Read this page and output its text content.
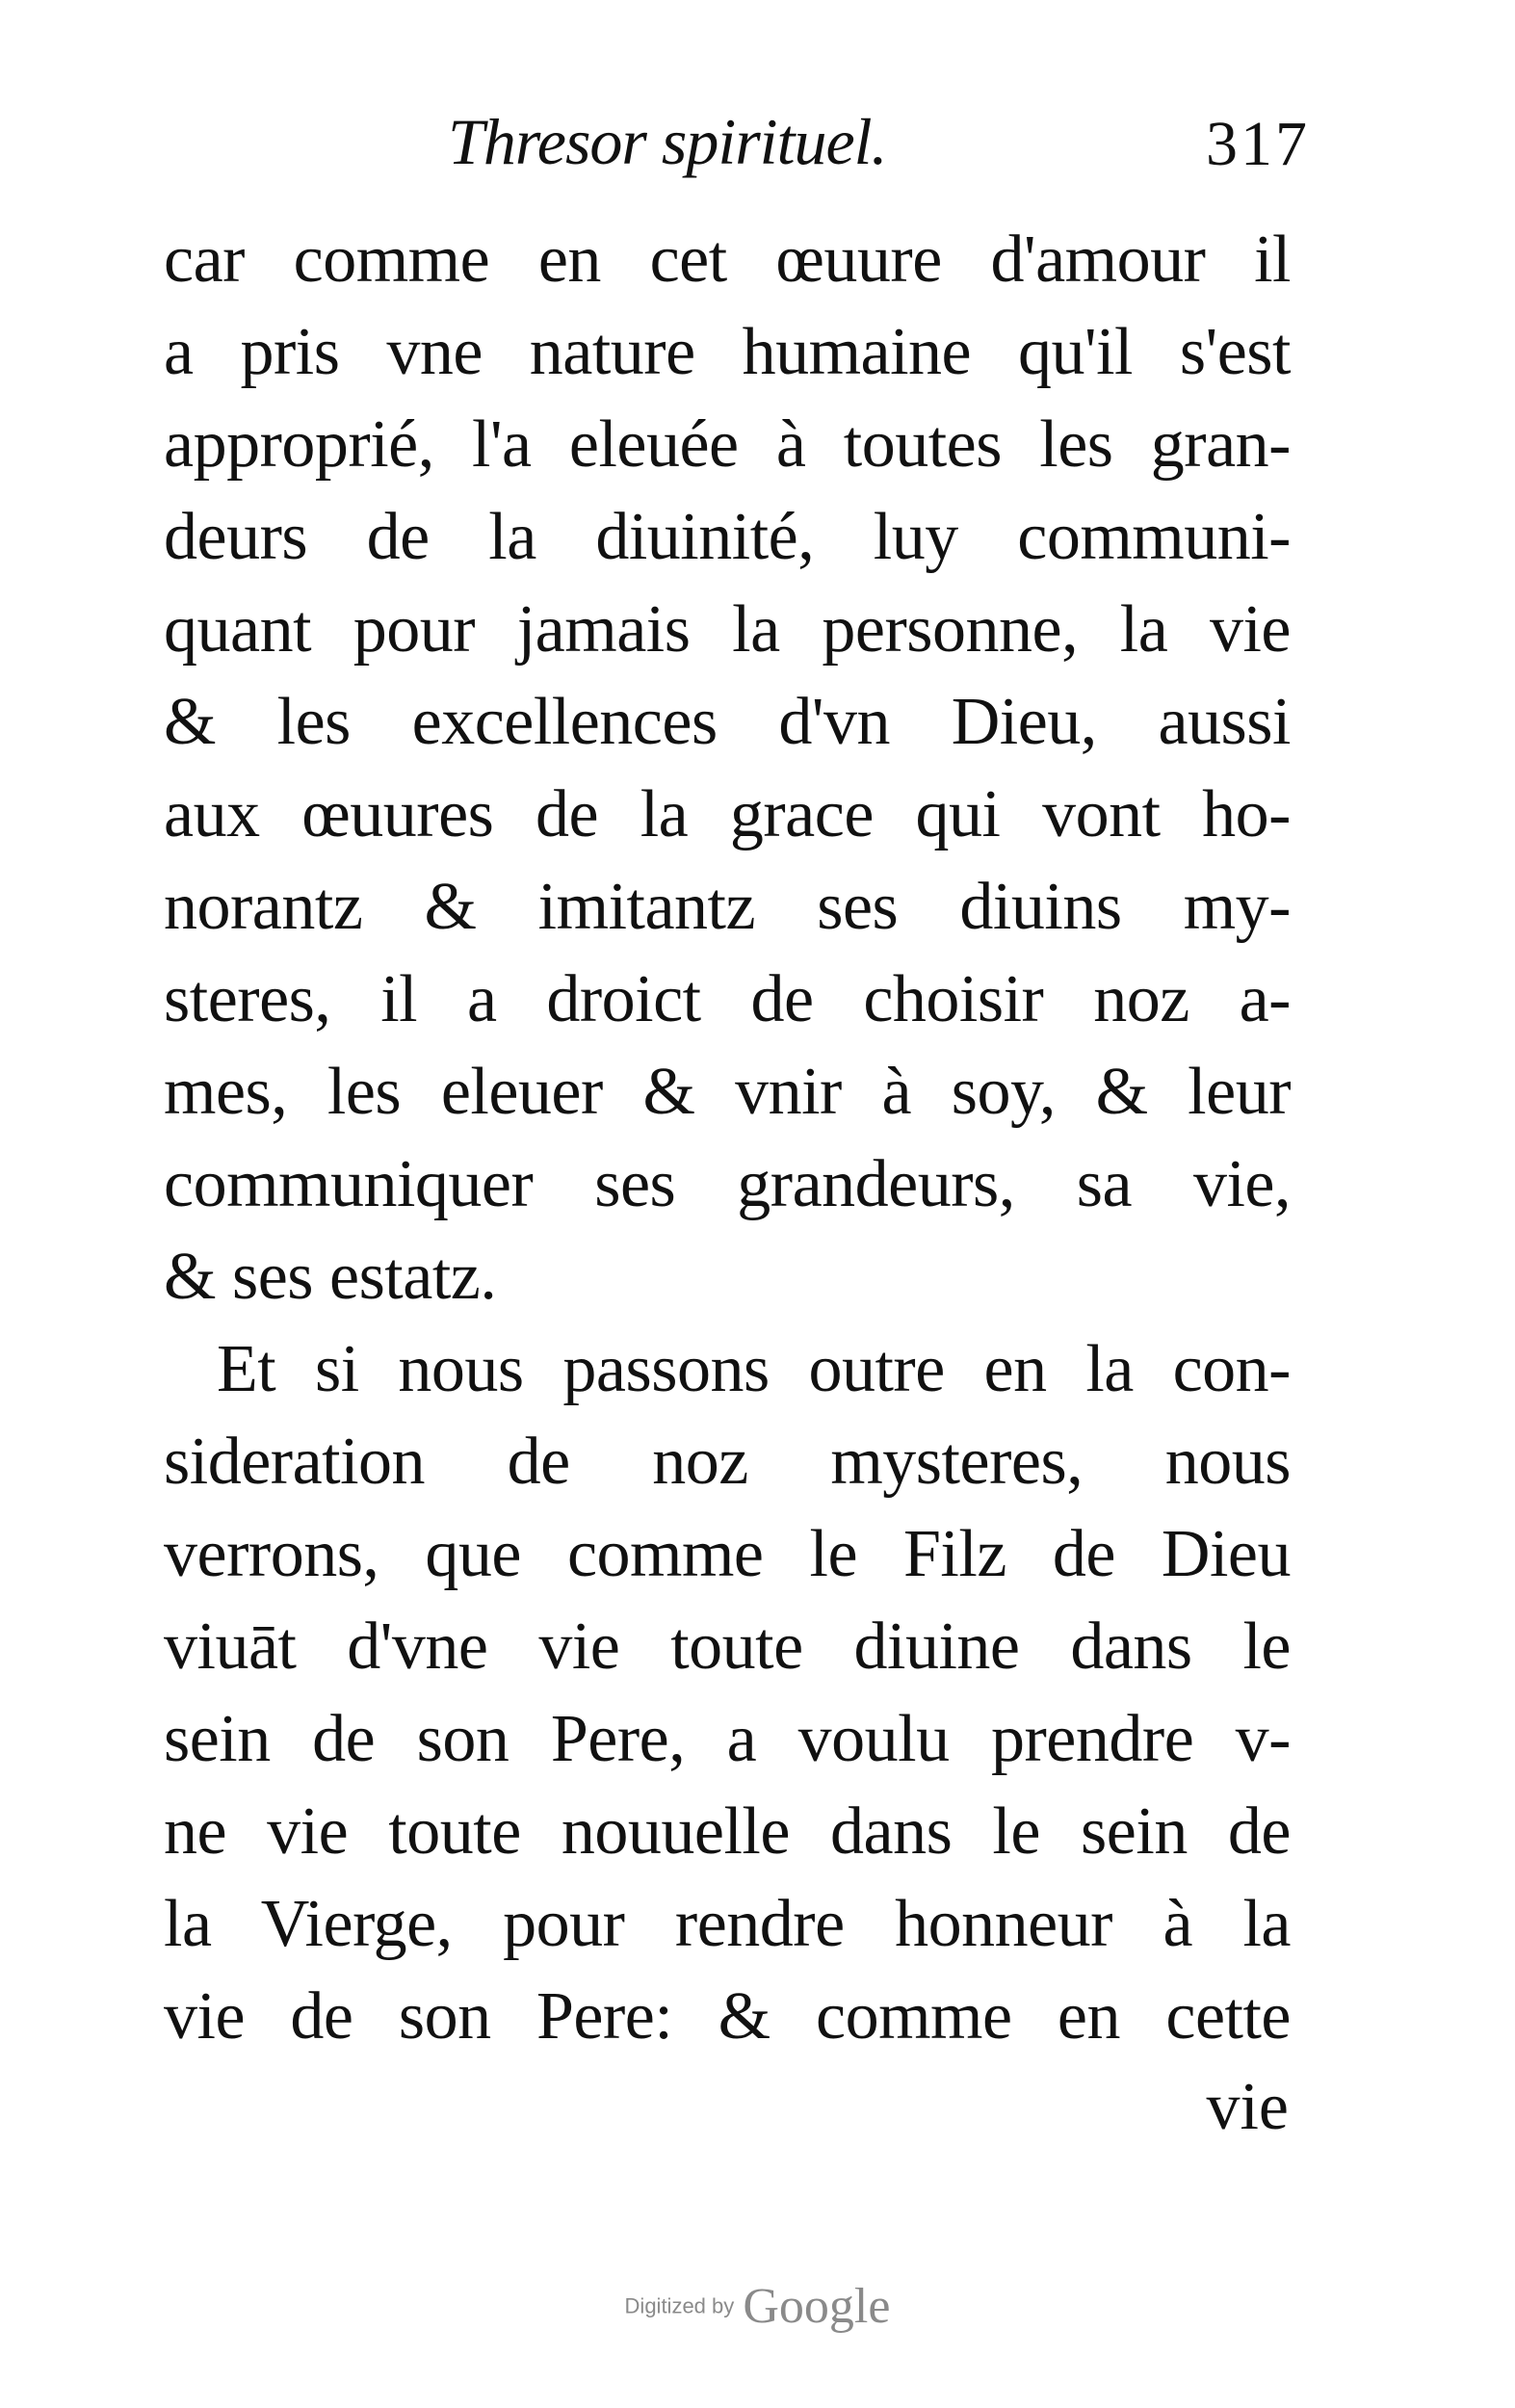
Thresor spirituel.	317
car comme en cet œuure d'amour il
a pris vne nature humaine qu'il s'est
approprié, l'a eleuée à toutes les gran-
deurs de la diuinité, luy communi-
quant pour jamais la personne, la vie
& les excellences d'vn Dieu, aussi
aux œuures de la grace qui vont ho-
norantz & imitantz ses diuins my-
steres, il a droict de choisir noz a-
mes, les eleuer & vnir à soy, & leur
communiquer ses grandeurs, sa vie,
& ses estatz.
Et si nous passons outre en la con-
sideration de noz mysteres, nous
verrons, que comme le Filz de Dieu
viuāt d'vne vie toute diuine dans le
sein de son Pere, a voulu prendre v-
ne vie toute nouuelle dans le sein de
la Vierge, pour rendre honneur à la
vie de son Pere: & comme en cette
vie
Digitized by Google
